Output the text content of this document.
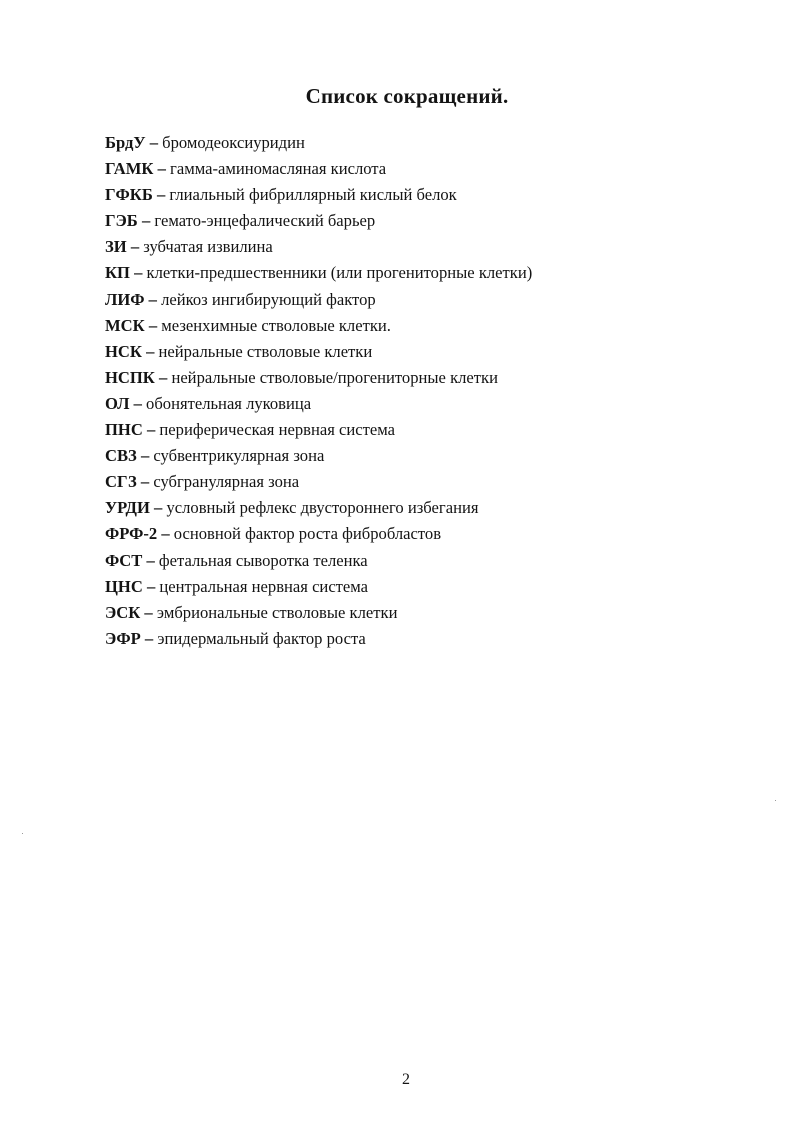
Список сокращений.
БрдУ – бромодеоксиуридин
ГАМК – гамма-аминомасляная кислота
ГФКБ – глиальный фибриллярный кислый белок
ГЭБ – гемато-энцефалический барьер
ЗИ – зубчатая извилина
КП – клетки-предшественники (или прогениторные клетки)
ЛИФ – лейкоз ингибирующий фактор
МСК – мезенхимные стволовые клетки.
НСК – нейральные стволовые клетки
НСПК – нейральные стволовые/прогениторные клетки
ОЛ – обонятельная луковица
ПНС – периферическая нервная система
СВЗ – субвентрикулярная зона
СГЗ – субгранулярная зона
УРДИ – условный рефлекс двустороннего избегания
ФРФ-2 – основной фактор роста фибробластов
ФСТ – фетальная сыворотка теленка
ЦНС – центральная нервная система
ЭСК – эмбриональные стволовые клетки
ЭФР – эпидермальный фактор роста
2
